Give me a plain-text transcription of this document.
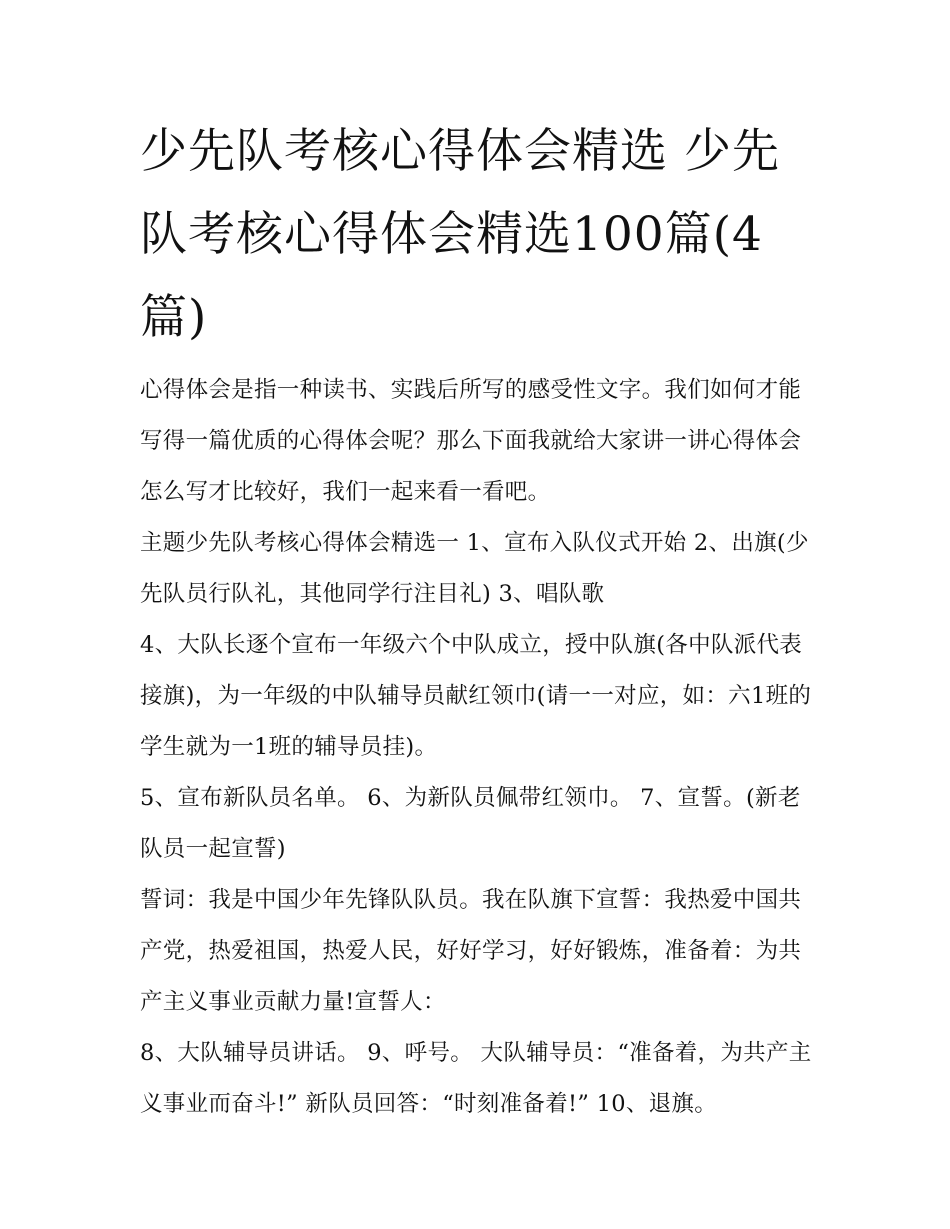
少先队考核心得体会精选 少先队考核心得体会精选100篇(4篇)

心得体会是指一种读书、实践后所写的感受性文字。我们如何才能写得一篇优质的心得体会呢？那么下面我就给大家讲一讲心得体会怎么写才比较好，我们一起来看一看吧。

主题少先队考核心得体会精选一 1、宣布入队仪式开始 2、出旗(少先队员行队礼，其他同学行注目礼) 3、唱队歌

4、大队长逐个宣布一年级六个中队成立，授中队旗(各中队派代表接旗)，为一年级的中队辅导员献红领巾(请一一对应，如：六1班的学生就为一1班的辅导员挂)。

5、宣布新队员名单。 6、为新队员佩带红领巾。 7、宣誓。(新老队员一起宣誓)

誓词：我是中国少年先锋队队员。我在队旗下宣誓：我热爱中国共产党，热爱祖国，热爱人民，好好学习，好好锻炼，准备着：为共产主义事业贡献力量!宣誓人：

8、大队辅导员讲话。 9、呼号。 大队辅导员：“准备着，为共产主义事业而奋斗!” 新队员回答：“时刻准备着!” 10、退旗。
